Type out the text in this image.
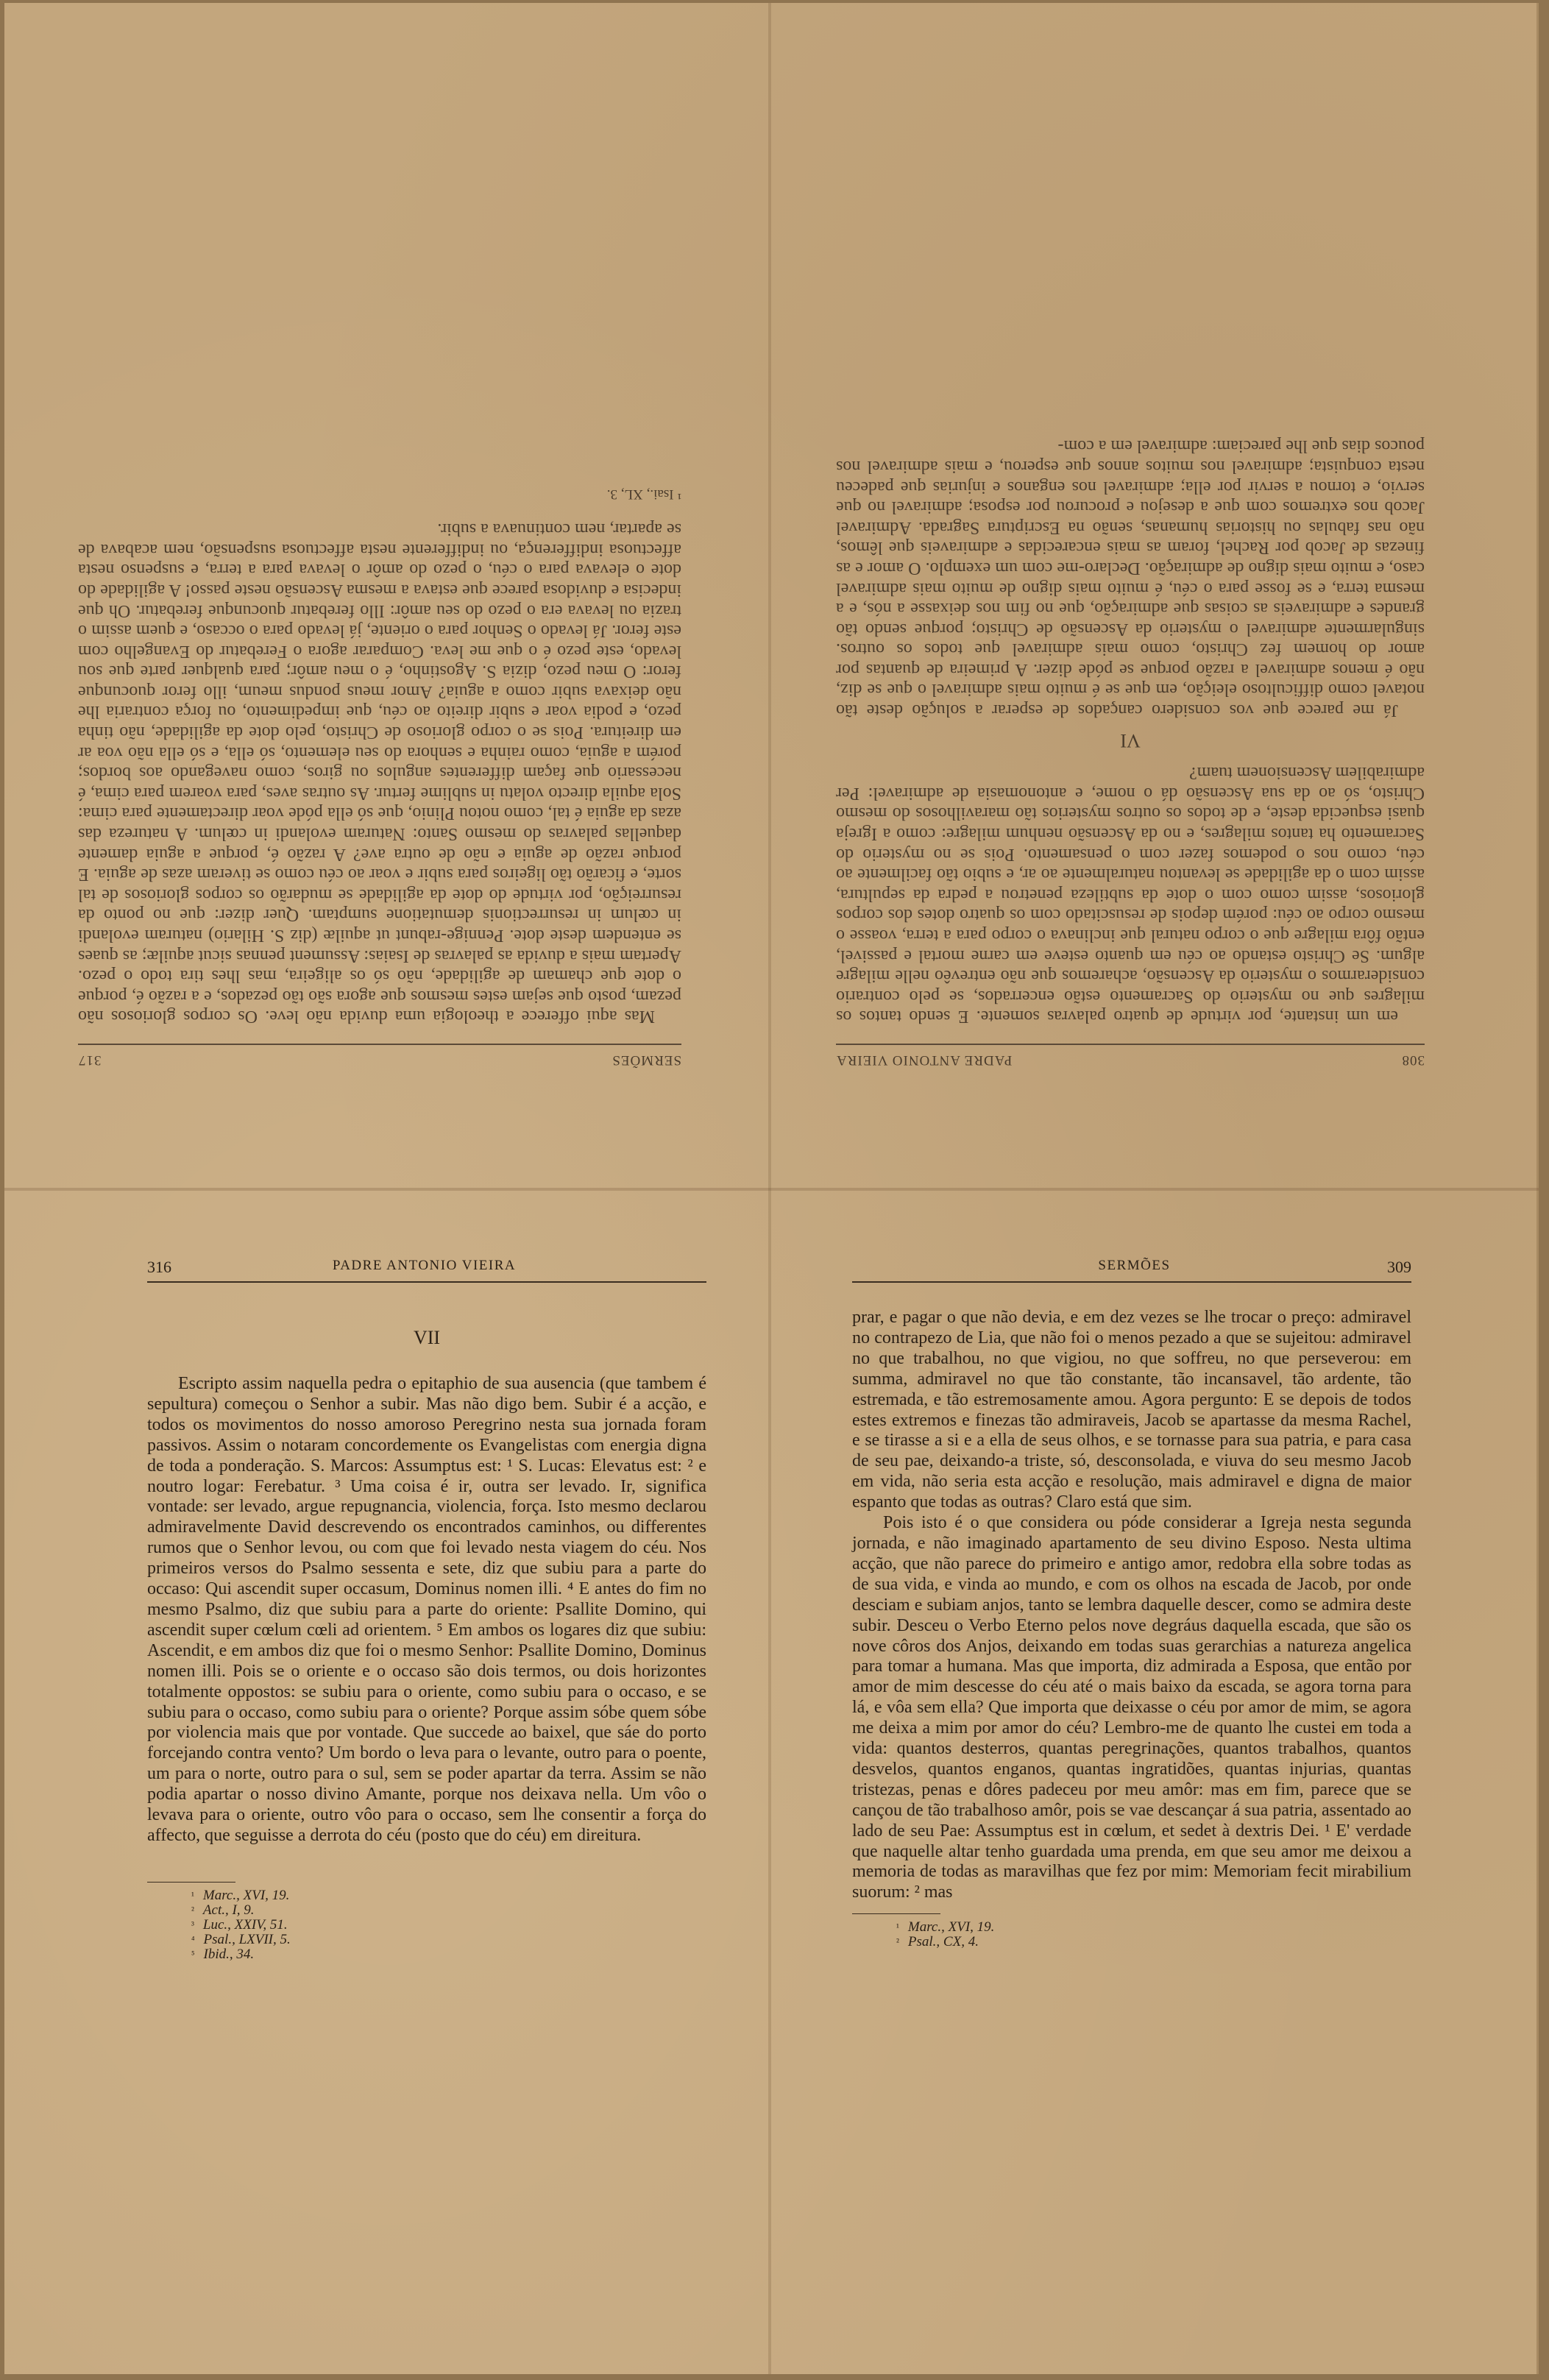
308
PADRE ANTONIO VIEIRA

em um instante, por virtude de quatro palavras somente. E sendo tantos os milagres que no mysterio do Sacramento estão encerrados, se pelo contrario considerarmos o mysterio da Ascensão, acharemos que não entrevêo nelle milagre algum. Se Christo estando ao céu em quanto esteve em carne mortal e passivel, então fôra milagre que o corpo natural que inclinava o corpo para a terra, voasse o mesmo corpo ao céu: porém depois de resuscitado com os quatro dotes dos corpos gloriosos, assim como com o dote da subtileza penetrou a pedra da sepultura, assim com o da agilidade se levantou naturalmente ao ar, e subio tão facilmente ao céu, como nos o podemos fazer com o pensamento. Pois se no mysterio do Sacramento ha tantos milagres, e no da Ascensão nenhum milagre: como a Igreja quasi esquecida deste, e de todos os outros mysterios tão maravilhosos do mesmo Christo, só ao da sua Ascensão dá o nome, e antonomasia de admiravel: Per admirabilem Ascensionem tuam?

VI

Já me parece que vos considero cançados de esperar a solução deste tão notavel como difficultoso eleição, em que se é muito mais admiravel o que se diz, não é menos admiravel a razão porque se póde dizer. A primeira de quantas por amor do homem fez Christo, como mais admiravel que todos os outros. singularmente admiravel o mysterio da Ascensão de Christo; porque sendo tão grandes e admiraveis as coisas que admiração, que no fim nos deixasse a nós, e a mesma terra, e se fosse para o céu, é muito mais digno de muito mais admiravel caso, e muito mais digno de admiração. Declaro-me com um exemplo. O amor e as finezas de Jacob por Rachel, foram as mais encarecidas e admiraveis que lêmos, não nas fabulas ou historias humanas, senão na Escriptura Sagrada. Admiravel Jacob nos extremos com que a desejou e procurou por esposa; admiravel no que servio, e tornou a servir por ella; admiravel nos enganos e injurias que padeceu nesta conquista; admiravel nos muitos annos que esperou, e mais admiravel nos poucos dias que lhe pareciam: admiravel em a com-

SERMÕES
317

Mas aqui offerece a theologia uma duvida não leve. Os corpos gloriosos não pezam, posto que sejam estes mesmos que agora são tão pezados, e a razão é, porque o dote que chamam de agilidade, não só os aligeira, mas lhes tira todo o pezo. Apertam mais a duvida as palavras de Isaias: Assument pennas sicut aquilæ; as quaes se entendem deste dote. Pennige-rabunt ut aquilæ (diz S. Hilario) naturam evolandi in cœlum in resurrectionis demutatione sumptam. Quer dizer: que no ponto da resurreição, por virtude do dote da agilidade se mudarão os corpos gloriosos de tal sorte, e ficarão tão ligeiros para subir e voar ao céu como se tiveram azas de aguia. E porque razão de aguia e não de outra ave? A razão é, porque a aguia damente daquellas palavras do mesmo Santo: Naturam evolandi in cœlum. A natureza das azas da aguia é tal, como notou Plinio, que só ella póde voar directamente para cima: Sola aquila directo volatu in sublime fertur. As outras aves, para voarem para cima, é necessario que façam differentes angulos ou giros, como navegando aos bordos; porém a aguia, como rainha e senhora do seu elemento, só ella, e só ella não voa ar em direitura. Pois se o corpo glorioso de Christo, pelo dote da agilidade, não tinha pezo, e podia voar e subir direito ao céu, que impedimento, ou força contraria lhe não deixava subir como a aguia? Amor meus pondus meum, illo feror quocunque feror: O meu pezo, dizia S. Agostinho, é o meu amôr; para qualquer parte que sou levado, este pezo é o que me leva. Comparar agora o Ferebatur do Evangelho com este feror. Já levado o Senhor para o oriente, já levado para o occaso, e quem assim o trazia ou levava era o pezo do seu amôr: Illo ferebatur quocunque ferebatur. Oh que indecisa e duvidosa parece que estava a mesma Ascensão neste passo! A agilidade do dote o elevava para o céu, o pezo do amôr o levava para a terra, e suspenso nesta affectuosa indifferença, ou indifferente nesta affectuosa suspensão, nem acabava de se apartar, nem continuava a subir.

¹ Isai., XL, 3.
316	PADRE ANTONIO VIEIRA
VII

Escripto assim naquella pedra o epitaphio de sua ausencia (que tambem é sepultura) começou o Senhor a subir. Mas não digo bem. Subir é a acção, e todos os movimentos do nosso amoroso Peregrino nesta sua jornada foram passivos. Assim o notaram concordemente os Evangelistas com energia digna de toda a ponderação. S. Marcos: Assumptus est: ¹ S. Lucas: Elevatus est: ² e noutro logar: Ferebatur. ³ Uma coisa é ir, outra ser levado. Ir, significa vontade: ser levado, argue repugnancia, violencia, força. Isto mesmo declarou admiravelmente David descrevendo os encontrados caminhos, ou differentes rumos que o Senhor levou, ou com que foi levado nesta viagem do céu. Nos primeiros versos do Psalmo sessenta e sete, diz que subiu para a parte do occaso: Qui ascendit super occasum, Dominus nomen illi. ⁴ E antes do fim no mesmo Psalmo, diz que subiu para a parte do oriente: Psallite Domino, qui ascendit super cœlum cœli ad orientem. ⁵ Em ambos os logares diz que subiu: Ascendit, e em ambos diz que foi o mesmo Senhor: Psallite Domino, Dominus nomen illi. Pois se o oriente e o occaso são dois termos, ou dois horizontes totalmente oppostos: se subiu para o oriente, como subiu para o occaso, e se subiu para o occaso, como subiu para o oriente? Porque assim sóbe quem sóbe por violencia mais que por vontade. Que succede ao baixel, que sáe do porto forcejando contra vento? Um bordo o leva para o levante, outro para o poente, um para o norte, outro para o sul, sem se poder apartar da terra. Assim se não podia apartar o nosso divino Amante, porque nos deixava nella. Um vôo o levava para o oriente, outro vôo para o occaso, sem lhe consentir a força do affecto, que seguisse a derrota do céu (posto que do céu) em direitura.

$^{^1}$ Marc., XVI, 19.
$^{^2}$ Act., I, 9.
$^{^3}$ Luc., XXIV, 51.
$^{^4}$ Psal., LXVII, 5.
$^{^5}$ Ibid., 34.
SERMÕES	309

prar, e pagar o que não devia, e em dez vezes se lhe trocar o preço: admiravel no contrapezo de Lia, que não foi o menos pezado a que se sujeitou: admiravel no que trabalhou, no que vigiou, no que soffreu, no que perseverou: em summa, admiravel no que tão constante, tão incansavel, tão ardente, tão estremada, e tão estremosamente amou. Agora pergunto: E se depois de todos estes extremos e finezas tão admiraveis, Jacob se apartasse da mesma Rachel, e se tirasse a si e a ella de seus olhos, e se tornasse para sua patria, e para casa de seu pae, deixando-a triste, só, desconsolada, e viuva do seu mesmo Jacob em vida, não seria esta acção e resolução, mais admiravel e digna de maior espanto que todas as outras? Claro está que sim.

Pois isto é o que considera ou póde considerar a Igreja nesta segunda jornada, e não imaginado apartamento de seu divino Esposo. Nesta ultima acção, que não parece do primeiro e antigo amor, redobra ella sobre todas as de sua vida, e vinda ao mundo, e com os olhos na escada de Jacob, por onde desciam e subiam anjos, tanto se lembra daquelle descer, como se admira deste subir. Desceu o Verbo Eterno pelos nove degráus daquella escada, que são os nove côros dos Anjos, deixando em todas suas gerarchias a natureza angelica para tomar a humana. Mas que importa, diz admirada a Esposa, que então por amor de mim descesse do céu até o mais baixo da escada, se agora torna para lá, e vôa sem ella? Que importa que deixasse o céu por amor de mim, se agora me deixa a mim por amor do céu? Lembro-me de quanto lhe custei em toda a vida: quantos desterros, quantas peregrinações, quantos trabalhos, quantos desvelos, quantos enganos, quantas ingratidões, quantas injurias, quantas tristezas, penas e dôres padeceu por meu amôr: mas em fim, parece que se cançou de tão trabalhoso amôr, pois se vae descançar á sua patria, assentado ao lado de seu Pae: Assumptus est in cœlum, et sedet à dextris Dei. ¹ E' verdade que naquelle altar tenho guardada uma prenda, em que seu amor me deixou a memoria de todas as maravilhas que fez por mim: Memoriam fecit mirabilium suorum: ² mas

$^{^1}$ Marc., XVI, 19.
$^{^2}$ Psal., CX, 4.
